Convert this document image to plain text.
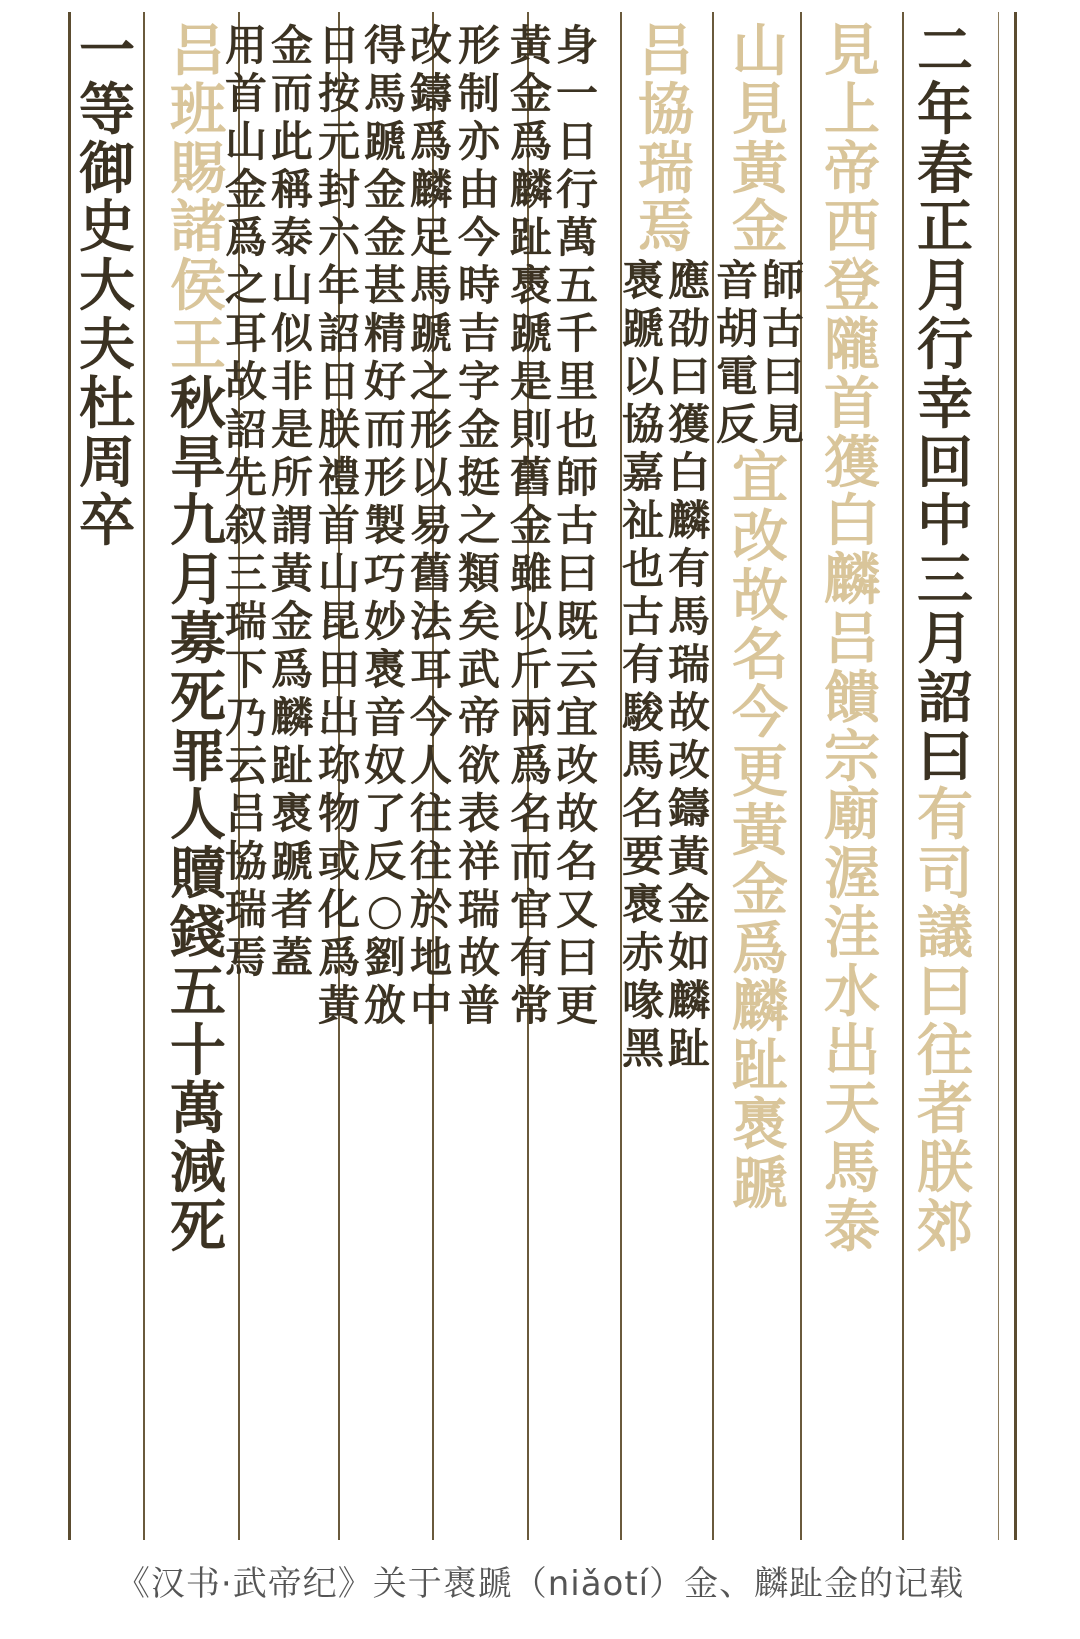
二
年
春
正
月
行
幸
回
中
三
月
詔
曰
有
司
議
曰
往
者
朕
郊
見
上
帝
西
登
隴
首
獲
白
麟
吕
饋
宗
廟
渥
洼
水
出
天
馬
泰
山
見
黃
金
師
古
曰
見
音
胡
電
反
宜
改
故
名
今
更
黃
金
爲
麟
趾
褭
蹏
吕
協
瑞
焉
應
劭
曰
獲
白
麟
有
馬
瑞
故
改
鑄
黃
金
如
麟
趾
褭
蹏
以
協
嘉
祉
也
古
有
駿
馬
名
要
褭
赤
喙
黑
身
一
日
行
萬
五
千
里
也
師
古
曰
既
云
宜
改
故
名
又
曰
更
黃
金
爲
麟
趾
褭
蹏
是
則
舊
金
雖
以
斤
兩
爲
名
而
官
有
常
形
制
亦
由
今
時
吉
字
金
挺
之
類
矣
武
帝
欲
表
祥
瑞
故
普
改
鑄
爲
麟
足
馬
蹏
之
形
以
易
舊
法
耳
今
人
往
往
於
地
中
得
馬
蹏
金
金
甚
精
好
而
形
製
巧
妙
褭
音
奴
了
反
○
劉
攽
日
按
元
封
六
年
詔
日
朕
禮
首
山
昆
田
出
珎
物
或
化
爲
黃
金
而
此
稱
泰
山
似
非
是
所
謂
黃
金
爲
麟
趾
褭
蹏
者
蓋
用
首
山
金
爲
之
耳
故
詔
先
叙
三
瑞
下
乃
云
吕
協
瑞
焉
吕
班
賜
諸
侯
王
秋
旱
九
月
募
死
罪
人
贖
錢
五
十
萬
減
死
一
等
御
史
大
夫
杜
周
卒
《汉书·武帝纪》关于褭蹏（niǎotí）金、麟趾金的记载
